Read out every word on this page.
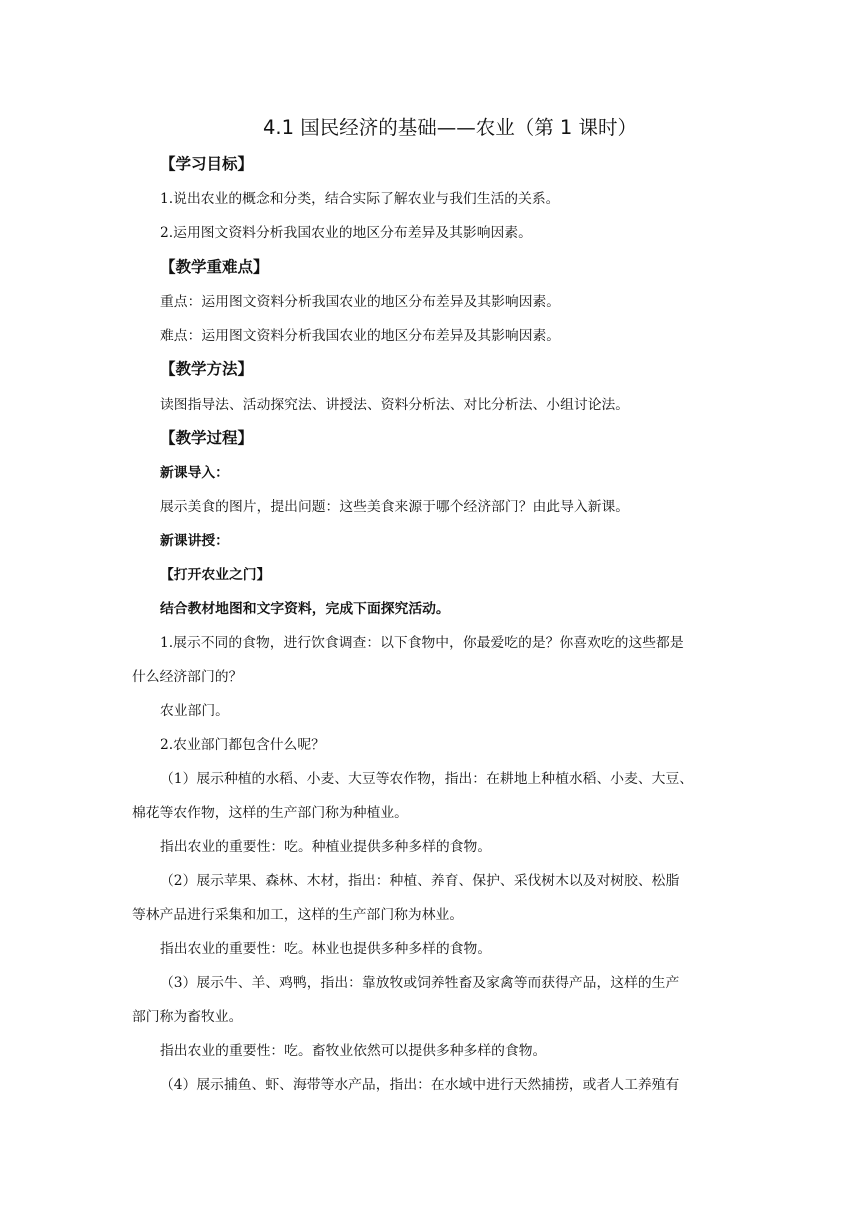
4.1 国民经济的基础——农业（第 1 课时）
【学习目标】
1.说出农业的概念和分类，结合实际了解农业与我们生活的关系。
2.运用图文资料分析我国农业的地区分布差异及其影响因素。
【教学重难点】
重点：运用图文资料分析我国农业的地区分布差异及其影响因素。
难点：运用图文资料分析我国农业的地区分布差异及其影响因素。
【教学方法】
读图指导法、活动探究法、讲授法、资料分析法、对比分析法、小组讨论法。
【教学过程】
新课导入：
展示美食的图片，提出问题：这些美食来源于哪个经济部门？由此导入新课。
新课讲授：
【打开农业之门】
结合教材地图和文字资料，完成下面探究活动。
1.展示不同的食物，进行饮食调查：以下食物中，你最爱吃的是？你喜欢吃的这些都是
什么经济部门的？
农业部门。
2.农业部门都包含什么呢？
（1）展示种植的水稻、小麦、大豆等农作物，指出：在耕地上种植水稻、小麦、大豆、
棉花等农作物，这样的生产部门称为种植业。
指出农业的重要性：吃。种植业提供多种多样的食物。
（2）展示苹果、森林、木材，指出：种植、养育、保护、采伐树木以及对树胶、松脂
等林产品进行采集和加工，这样的生产部门称为林业。
指出农业的重要性：吃。林业也提供多种多样的食物。
（3）展示牛、羊、鸡鸭，指出：靠放牧或饲养牲畜及家禽等而获得产品，这样的生产
部门称为畜牧业。
指出农业的重要性：吃。畜牧业依然可以提供多种多样的食物。
（4）展示捕鱼、虾、海带等水产品，指出：在水域中进行天然捕捞，或者人工养殖有
